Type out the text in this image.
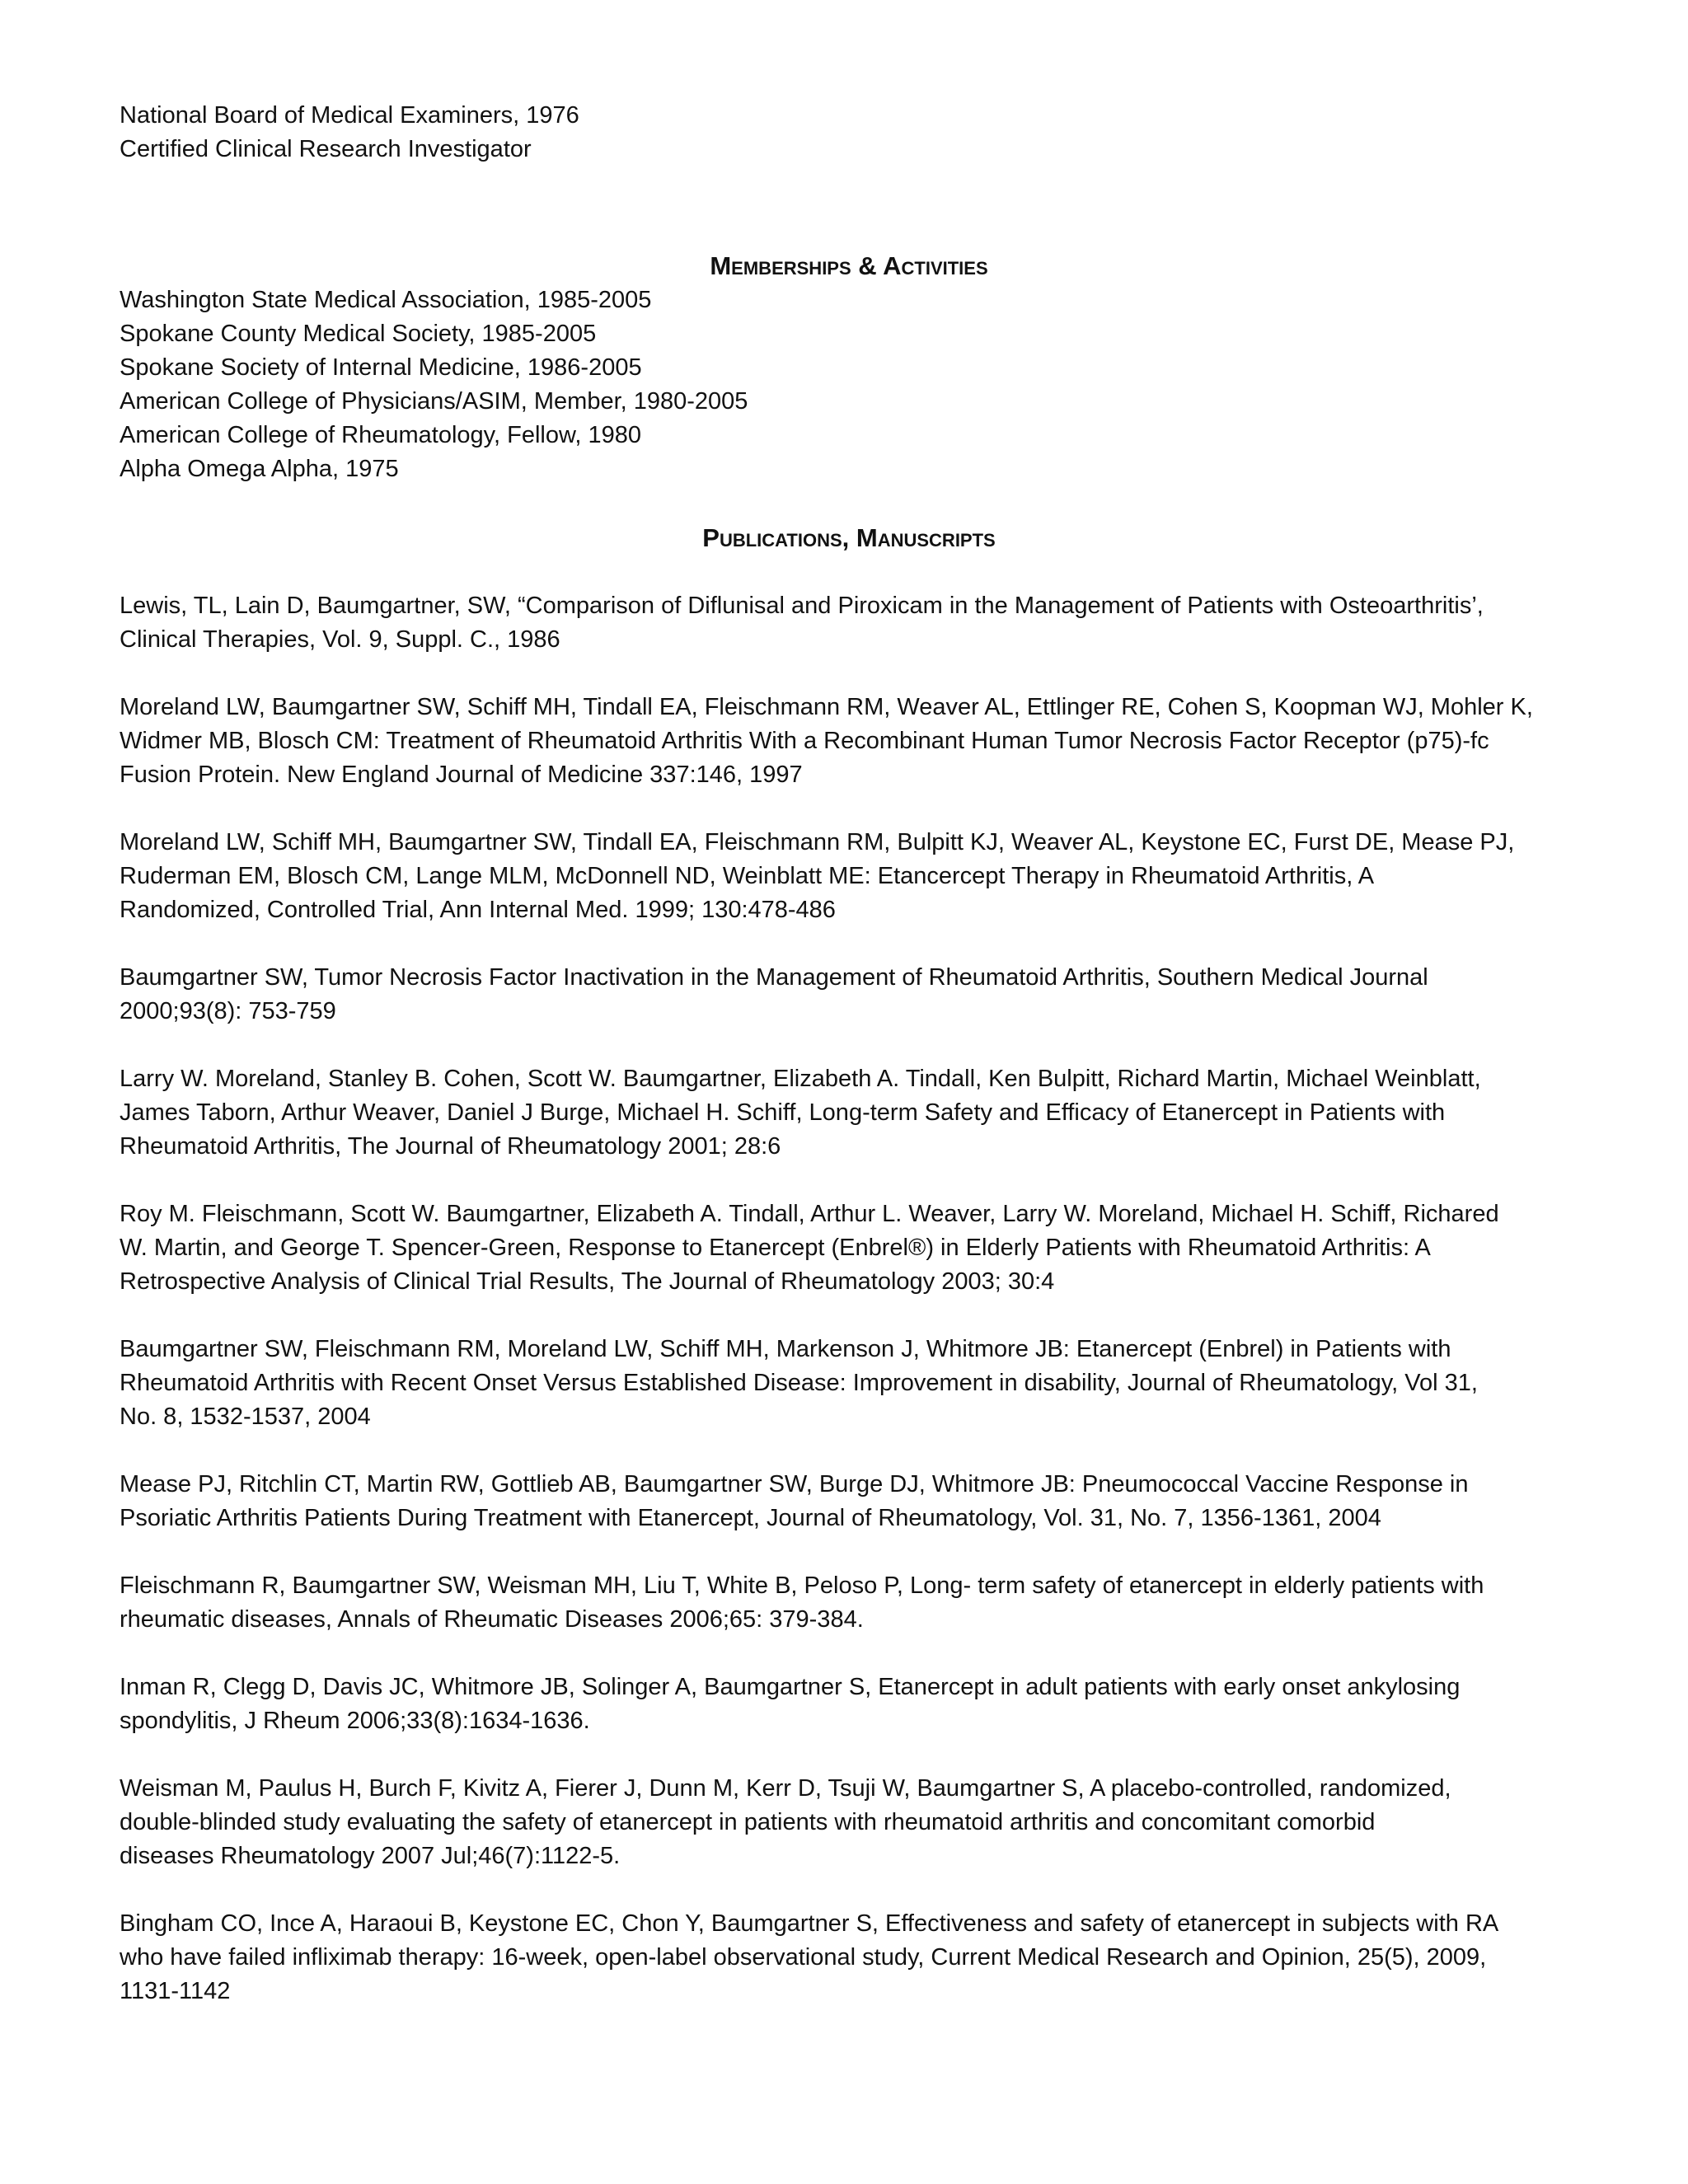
National Board of Medical Examiners, 1976

Certified Clinical Research Investigator

Memberships & Activities

Washington State Medical Association, 1985-2005

Spokane County Medical Society, 1985-2005

Spokane Society of Internal Medicine, 1986-2005

American College of Physicians/ASIM, Member, 1980-2005

American College of Rheumatology, Fellow, 1980

Alpha Omega Alpha, 1975

Publications, Manuscripts

Lewis, TL, Lain D, Baumgartner, SW, “Comparison of Diflunisal and Piroxicam in the Management of Patients with Osteoarthritis’,

Clinical Therapies, Vol. 9, Suppl. C., 1986

Moreland LW, Baumgartner SW, Schiff MH, Tindall EA, Fleischmann RM, Weaver AL, Ettlinger RE, Cohen S, Koopman WJ, Mohler K,

Widmer MB, Blosch CM: Treatment of Rheumatoid Arthritis With a Recombinant Human Tumor Necrosis Factor Receptor (p75)-fc

Fusion Protein. New England Journal of Medicine 337:146, 1997

Moreland LW, Schiff MH, Baumgartner SW, Tindall EA, Fleischmann RM, Bulpitt KJ, Weaver AL, Keystone EC, Furst DE, Mease PJ,

Ruderman EM, Blosch CM, Lange MLM, McDonnell ND, Weinblatt ME: Etancercept Therapy in Rheumatoid Arthritis, A

Randomized, Controlled Trial, Ann Internal Med. 1999; 130:478-486

Baumgartner SW, Tumor Necrosis Factor Inactivation in the Management of Rheumatoid Arthritis, Southern Medical Journal

2000;93(8): 753-759

Larry W. Moreland, Stanley B. Cohen, Scott W. Baumgartner, Elizabeth A. Tindall, Ken Bulpitt, Richard Martin, Michael Weinblatt,

James Taborn, Arthur Weaver, Daniel J Burge, Michael H. Schiff, Long-term Safety and Efficacy of Etanercept in Patients with

Rheumatoid Arthritis, The Journal of Rheumatology 2001; 28:6

Roy M. Fleischmann, Scott W. Baumgartner, Elizabeth A. Tindall, Arthur L. Weaver, Larry W. Moreland, Michael H. Schiff, Richared

W. Martin, and George T. Spencer-Green, Response to Etanercept (Enbrel®) in Elderly Patients with Rheumatoid Arthritis: A

Retrospective Analysis of Clinical Trial Results, The Journal of Rheumatology 2003; 30:4

Baumgartner SW, Fleischmann RM, Moreland LW, Schiff MH, Markenson J, Whitmore JB: Etanercept (Enbrel) in Patients with

Rheumatoid Arthritis with Recent Onset Versus Established Disease: Improvement in disability, Journal of Rheumatology, Vol 31,

No. 8, 1532-1537, 2004

Mease PJ, Ritchlin CT, Martin RW, Gottlieb AB, Baumgartner SW, Burge DJ, Whitmore JB: Pneumococcal Vaccine Response in

Psoriatic Arthritis Patients During Treatment with Etanercept, Journal of Rheumatology, Vol. 31, No. 7, 1356-1361, 2004

Fleischmann R, Baumgartner SW, Weisman MH, Liu T, White B, Peloso P, Long- term safety of etanercept in elderly patients with

rheumatic diseases, Annals of Rheumatic Diseases 2006;65: 379-384.

Inman R, Clegg D, Davis JC, Whitmore JB, Solinger A, Baumgartner S, Etanercept in adult patients with early onset ankylosing

spondylitis, J Rheum 2006;33(8):1634-1636.

Weisman M, Paulus H, Burch F, Kivitz A, Fierer J, Dunn M, Kerr D, Tsuji W, Baumgartner S, A placebo-controlled, randomized,

double-blinded study evaluating the safety of etanercept in patients with rheumatoid arthritis and concomitant comorbid

diseases Rheumatology 2007 Jul;46(7):1122-5.

Bingham CO, Ince A, Haraoui B, Keystone EC, Chon Y, Baumgartner S, Effectiveness and safety of etanercept in subjects with RA

who have failed infliximab therapy: 16-week, open-label observational study, Current Medical Research and Opinion, 25(5), 2009,

1131-1142
